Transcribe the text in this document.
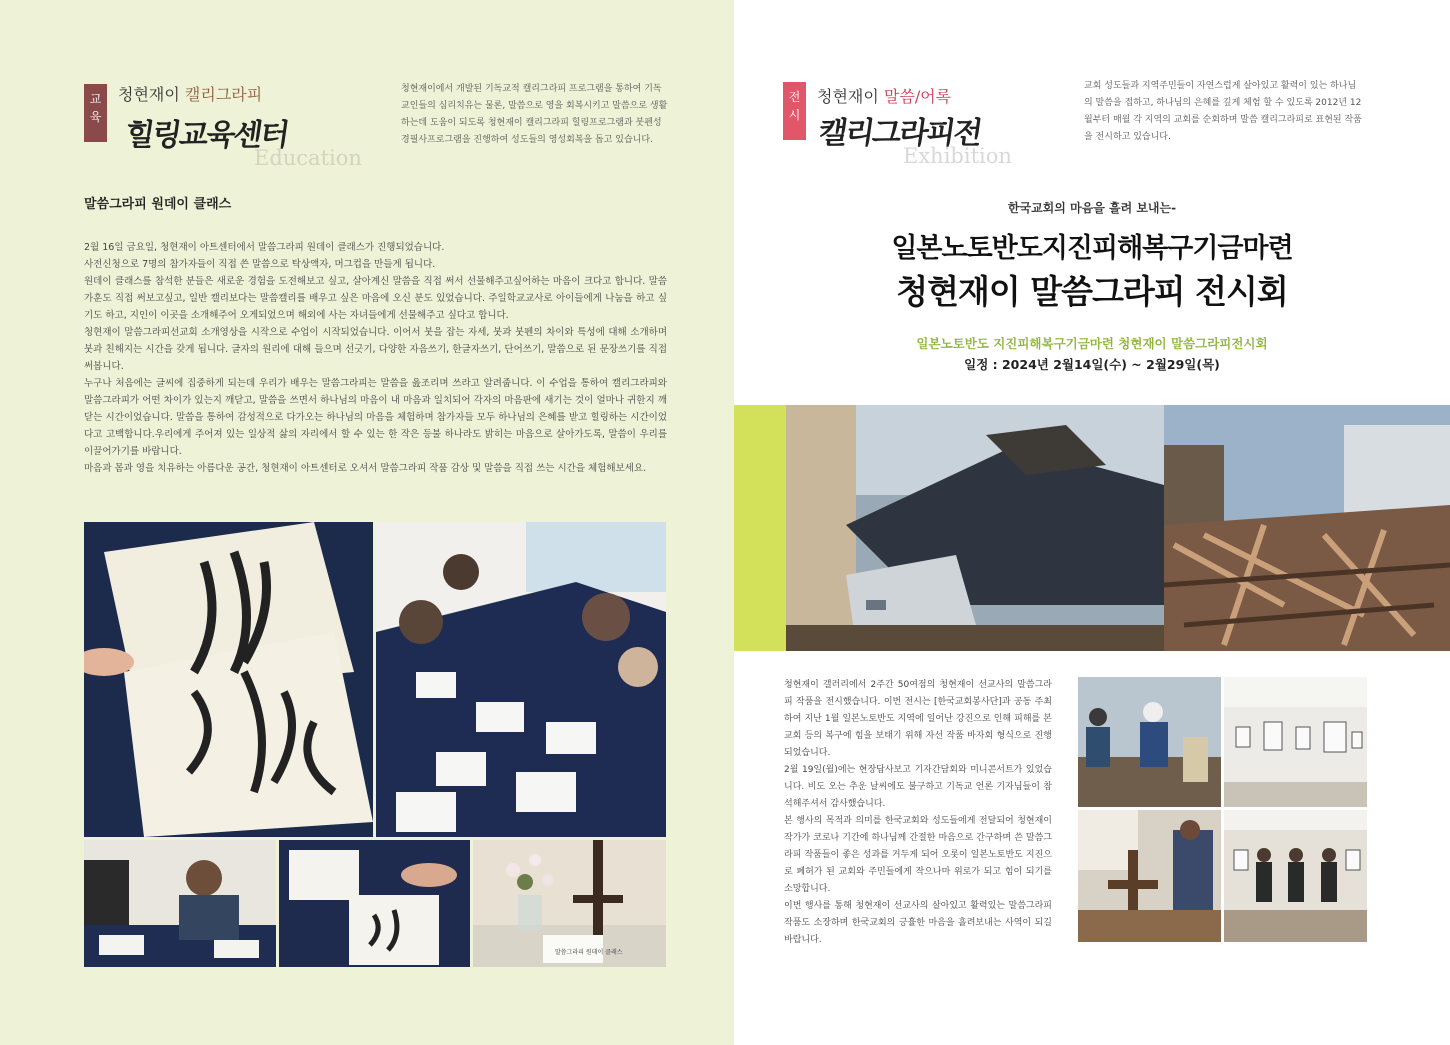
교
육
청현재이 캘리그라피
Education
힐링교육센터
청현재이에서 개발된 기독교적 캘리그라피 프로그램을 통하여 기독교인들의 심리치유는 물론, 말씀으로 영을 회복시키고 말씀으로 생활하는데 도움이 되도록 청현재이 캘리그라피 힐링프로그램과 붓펜성경필사프로그램을 진행하여 성도들의 영성회복을 돕고 있습니다.
말씀그라피 원데이 클래스

2월 16일 금요일, 청현재이 아트센터에서 말씀그라피 원데이 클래스가 진행되었습니다.

사전신청으로 7명의 참가자들이 직접 쓴 말씀으로 탁상액자, 머그컵을 만들게 됩니다.

원데이 클래스를 참석한 분들은 새로운 경험을 도전해보고 싶고, 살아계신 말씀을 직접 써서 선물해주고싶어하는 마음이 크다고 합니다. 말씀가훈도 직접 써보고싶고, 일반 캘리보다는 말씀캘리를 배우고 싶은 마음에 오신 분도 있었습니다. 주일학교교사로 아이들에게 나눔을 하고 싶기도 하고, 지인이 이곳을 소개해주어 오게되었으며 해외에 사는 자녀들에게 선물해주고 싶다고 합니다.

청현재이 말씀그라피선교회 소개영상을 시작으로 수업이 시작되었습니다. 이어서 붓을 잡는 자세, 붓과 붓펜의 차이와 특성에 대해 소개하며 붓과 친해지는 시간을 갖게 됩니다. 글자의 원리에 대해 들으며 선긋기, 다양한 자음쓰기, 한글자쓰기, 단어쓰기, 말씀으로 된 문장쓰기를 직접 써봅니다.

누구나 처음에는 글씨에 집중하게 되는데 우리가 배우는 말씀그라피는 말씀을 읊조리며 쓰라고 알려줍니다. 이 수업을 통하여 캘리그라피와 말씀그라피가 어떤 차이가 있는지 깨닫고, 말씀을 쓰면서 하나님의 마음이 내 마음과 일치되어 각자의 마음판에 새기는 것이 얼마나 귀한지 깨닫는 시간이었습니다. 말씀을 통하여 감성적으로 다가오는 하나님의 마음을 체험하며 참가자들 모두 하나님의 은혜를 받고 힐링하는 시간이었다고 고백합니다.우리에게 주어져 있는 일상적 삶의 자리에서 할 수 있는 한 작은 등불 하나라도 밝히는 마음으로 살아가도록, 말씀이 우리를 이끌어가기를 바랍니다.

마음과 몸과 영을 치유하는 아름다운 공간, 청현재이 아트센터로 오셔서 말씀그라피 작품 감상 및 말씀을 직접 쓰는 시간을 체험해보세요.

말씀그라피 원데이 클래스
전
시
청현재이 말씀/어록
Exhibition
캘리그라피전
교회 성도들과 지역주민들이 자연스럽게 살아있고 활력이 있는 하나님의 말씀을 접하고, 하나님의 은혜를 깊게 체험 할 수 있도록 2012년 12월부터 매월 각 지역의 교회를 순회하며 말씀 캘리그라피로 표현된 작품을 전시하고 있습니다.
한국교회의 마음을 흘려 보내는-
일본노토반도지진피해복구기금마련
청현재이 말씀그라피 전시회
일본노토반도 지진피해복구기금마련 청현재이 말씀그라피전시회
일정 : 2024년 2월14일(수) ~ 2월29일(목)

청현재이 갤러리에서 2주간 50여점의 청현재이 선교사의 말씀그라피 작품을 전시했습니다. 이번 전시는 [한국교회봉사단]과 공동 주최하여 지난 1월 일본노토반도 지역에 일어난 강진으로 인해 피해를 본 교회 등의 복구에 힘을 보태기 위해 자선 작품 바자회 형식으로 진행되었습니다.

2월 19일(월)에는 현장답사보고 기자간담회와 미니콘서트가 있었습니다. 비도 오는 추운 날씨에도 불구하고 기독교 언론 기자님들이 참석해주셔서 감사했습니다.

본 행사의 목적과 의미를 한국교회와 성도들에게 전달되어 청현재이 작가가 코로나 기간에 하나님께 간절한 마음으로 간구하며 쓴 말씀그라피 작품들이 좋은 성과를 거두게 되어 오롯이 일본노토반도 지진으로 폐허가 된 교회와 주민들에게 작으나마 위로가 되고 힘이 되기를 소망합니다.

이번 행사를 통해 청현재이 선교사의 살아있고 활력있는 말씀그라피 작품도 소장하며 한국교회의 긍휼한 마음을 흘려보내는 사역이 되길 바랍니다.
